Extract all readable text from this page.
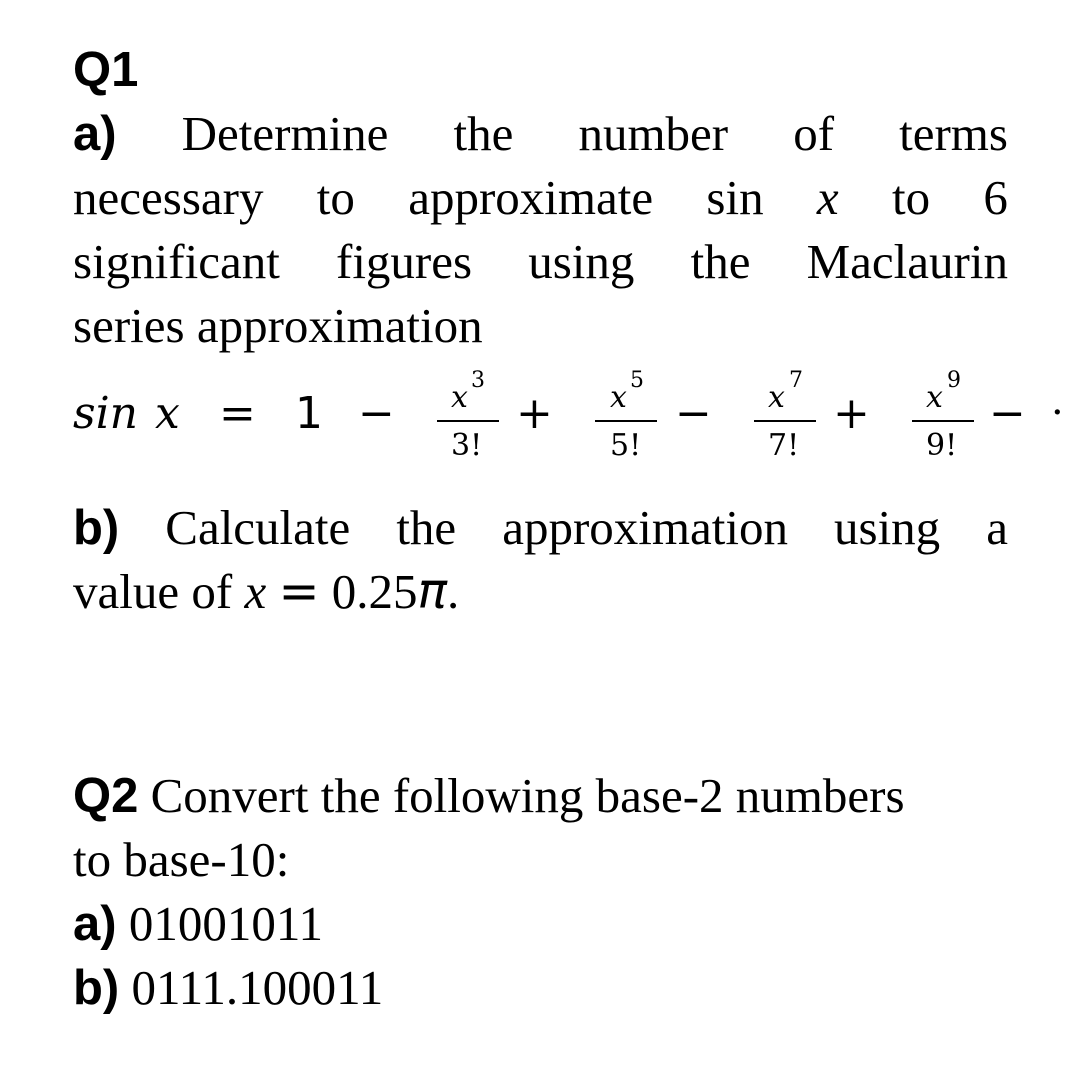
Q1
a) Determine the number of terms
necessary to approximate sin x to 6
significant figures using the Maclaurin
series approximation
sin x = 1 − x 3
3!
+ x 5
5!
− x 7
7!
+ x 9
9!
− ·
b) Calculate the approximation using a
value of x = 0.25π.
Q2 Convert the following base-2 numbers
to base-10:
a) 01001011
b) 0111.100011
